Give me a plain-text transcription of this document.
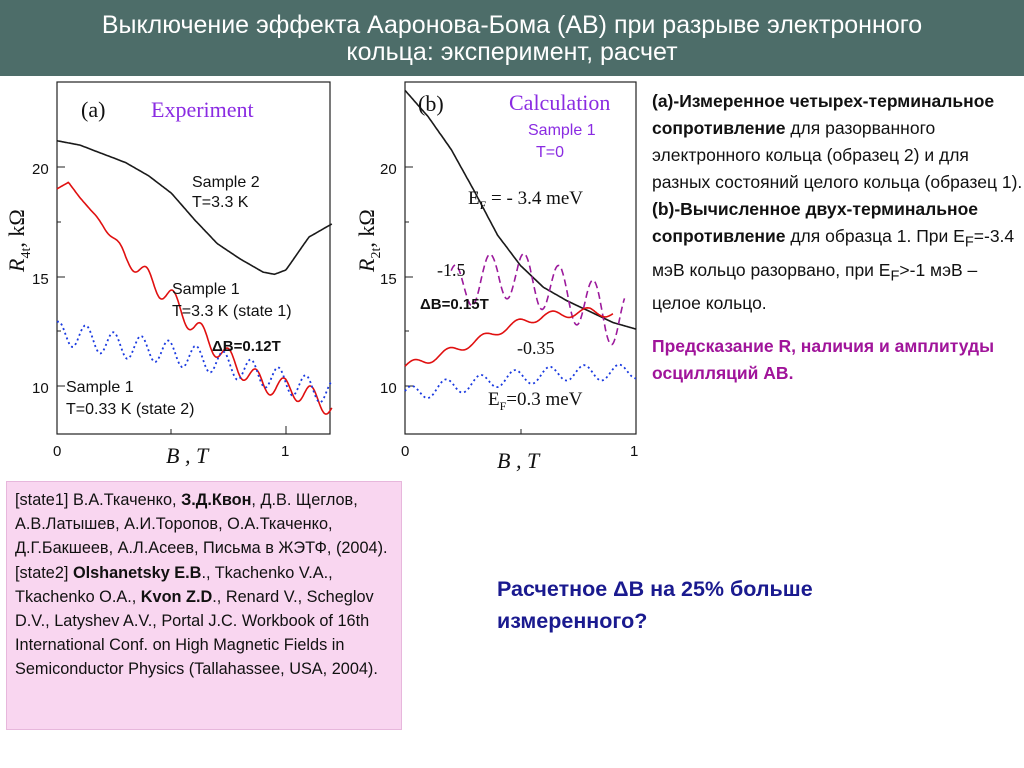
Выключение эффекта Ааронова-Бома (АВ) при разрыве электронного
кольца: эксперимент, расчет
(a) Experiment
Sample 2
T=3.3 K
Sample 1
T=3.3 K (state 1)
Sample 1
T=0.33 K (state 2)
ΔB=0.12T
20
15
10
0	1
B , T
$R_{4t}$, kΩ
(b)	Calculation
Sample 1
T=0
$E_F$ = - 3.4 meV
-1.5
-0.35
$E_F=0.3$ meV
ΔB=0.15T
20
15
10
0	1
B , T
$R_{2t}$, kΩ

(а)-Измеренное четырех-терминальное сопротивление для разорванного электронного кольца (образец 2) и для разных состояний целого кольца (образец 1).

(b)-Вычисленное двух-терминальное сопротивление для образца 1. При $E_F=-3.4$ мэВ кольцо разорвано, при $E_F>-1$ мэВ –целое кольцо.

Предсказание R, наличия и амплитуды осцилляций АВ.

[state1] В.А.Ткаченко, З.Д.Квон, Д.В. Щеглов, А.В.Латышев, А.И.Торопов, О.А.Ткаченко, Д.Г.Бакшеев, А.Л.Асеев, Письма в ЖЭТФ, (2004).
[state2] Olshanetsky E.B., Tkachenko V.A., Tkachenko O.A., Kvon Z.D., Renard V., Scheglov D.V., Latyshev A.V., Portal J.C. Workbook of 16th International Conf. on High Magnetic Fields in Semiconductor Physics (Tallahassee, USA, 2004).
Расчетное ΔB на 25% больше измеренного?
